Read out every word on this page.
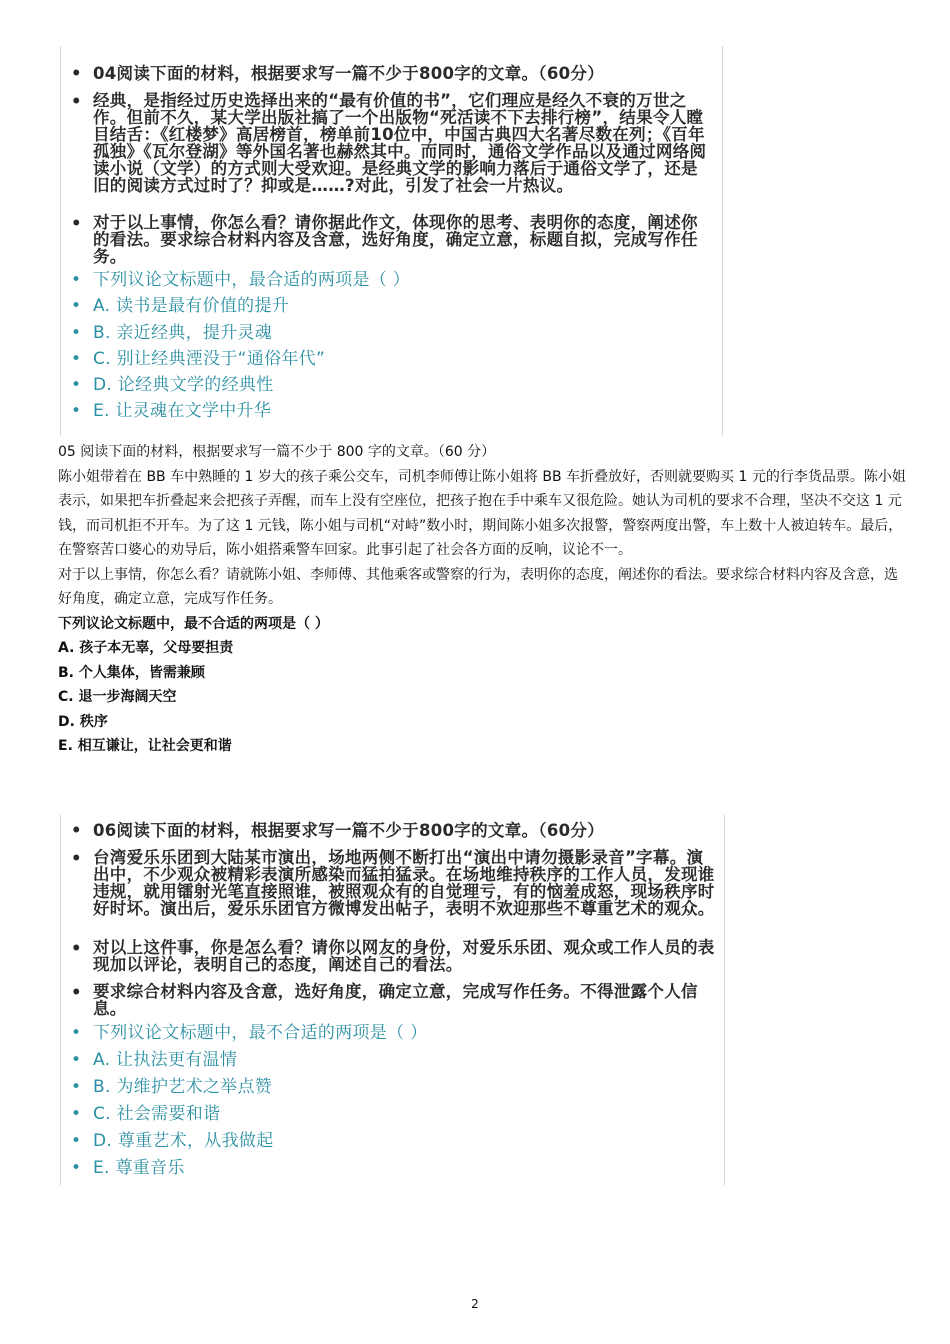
• 04阅读下面的材料，根据要求写一篇不少于800字的文章。（60分）
• 经典，是指经过历史选择出来的“最有价值的书”，它们理应是经久不衰的万世之作。但前不久，某大学出版社搞了一个出版物“死活读不下去排行榜”，结果令人瞠目结舌：《红楼梦》高居榜首，榜单前10位中，中国古典四大名著尽数在列；《百年孤独》《瓦尔登湖》等外国名著也赫然其中。而同时，通俗文学作品以及通过网络阅读小说（文学）的方式则大受欢迎。是经典文学的影响力落后于通俗文学了，还是旧的阅读方式过时了？抑或是……?对此，引发了社会一片热议。
• 对于以上事情，你怎么看？请你据此作文，体现你的思考、表明你的态度，阐述你的看法。要求综合材料内容及含意，选好角度，确定立意，标题自拟，完成写作任务。
• 下列议论文标题中，最合适的两项是（ ）
• A. 读书是最有价值的提升
• B. 亲近经典，提升灵魂
• C. 别让经典湮没于“通俗年代”
• D. 论经典文学的经典性
• E. 让灵魂在文学中升华

05 阅读下面的材料，根据要求写一篇不少于 800 字的文章。（60 分）

陈小姐带着在 BB 车中熟睡的 1 岁大的孩子乘公交车，司机李师傅让陈小姐将 BB 车折叠放好，否则就要购买 1 元的行李货品票。陈小姐表示，如果把车折叠起来会把孩子弄醒，而车上没有空座位，把孩子抱在手中乘车又很危险。她认为司机的要求不合理，坚决不交这 1 元钱，而司机拒不开车。为了这 1 元钱，陈小姐与司机“对峙”数小时，期间陈小姐多次报警，警察两度出警，车上数十人被迫转车。最后，在警察苦口婆心的劝导后，陈小姐搭乘警车回家。此事引起了社会各方面的反响，议论不一。

对于以上事情，你怎么看？请就陈小姐、李师傅、其他乘客或警察的行为，表明你的态度，阐述你的看法。要求综合材料内容及含意，选好角度，确定立意，完成写作任务。

下列议论文标题中，最不合适的两项是（ ）

A. 孩子本无辜，父母要担责

B. 个人集体，皆需兼顾

C. 退一步海阔天空

D. 秩序

E. 相互谦让，让社会更和谐

• 06阅读下面的材料，根据要求写一篇不少于800字的文章。（60分）
• 台湾爱乐乐团到大陆某市演出，场地两侧不断打出“演出中请勿摄影录音”字幕。演出中，不少观众被精彩表演所感染而猛拍猛录。在场地维持秩序的工作人员，发现谁违规，就用镭射光笔直接照谁，被照观众有的自觉理亏，有的恼羞成怒，现场秩序时好时坏。演出后，爱乐乐团官方微博发出帖子，表明不欢迎那些不尊重艺术的观众。
• 对以上这件事，你是怎么看？请你以网友的身份，对爱乐乐团、观众或工作人员的表现加以评论，表明自己的态度，阐述自己的看法。
• 要求综合材料内容及含意，选好角度，确定立意，完成写作任务。不得泄露个人信息。
• 下列议论文标题中，最不合适的两项是（ ）
• A. 让执法更有温情
• B. 为维护艺术之举点赞
• C. 社会需要和谐
• D. 尊重艺术，从我做起
• E. 尊重音乐
2
